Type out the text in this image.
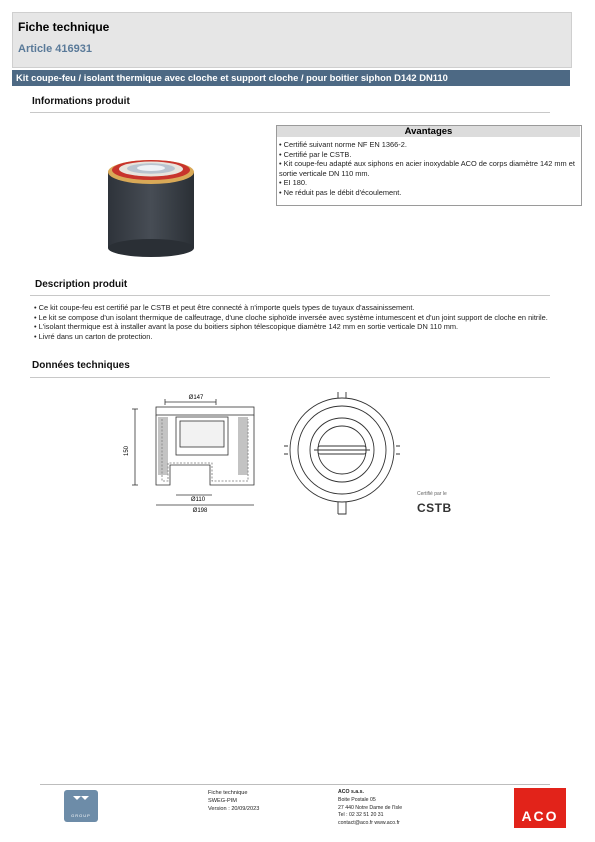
Fiche technique
Article 416931
Kit coupe-feu / isolant thermique avec cloche et support cloche / pour boitier siphon D142 DN110
Informations produit
Avantages
• Certifié suivant norme NF EN 1366-2.
• Certifié par le CSTB.
• Kit coupe-feu adapté aux siphons en acier inoxydable ACO de corps diamètre 142 mm et sortie verticale DN 110 mm.
• EI 180.
• Ne réduit pas le débit d'écoulement.
Description produit
• Ce kit coupe-feu est certifié par le CSTB et peut être connecté à n'importe quels types de tuyaux d'assainissement.
• Le kit se compose d'un isolant thermique de calfeutrage, d'une cloche siphoïde inversée avec système intumescent et d'un joint support de cloche en nitrile.
• L'isolant thermique est à installer avant la pose du boitiers siphon télescopique diamètre 142 mm en sortie verticale DN 110 mm.
• Livré dans un carton de protection.
Données techniques
Ø147
150
Ø110
Ø198
Certifié par le
CSTB
GROUP
Fiche technique
SWEG-PIM
Version : 20/09/2023
ACO s.a.s.
Boite Postale 05
27 440 Notre Dame de l'Isle
Tel : 02 32 51 20 31
contact@aco.fr www.aco.fr	ACO
